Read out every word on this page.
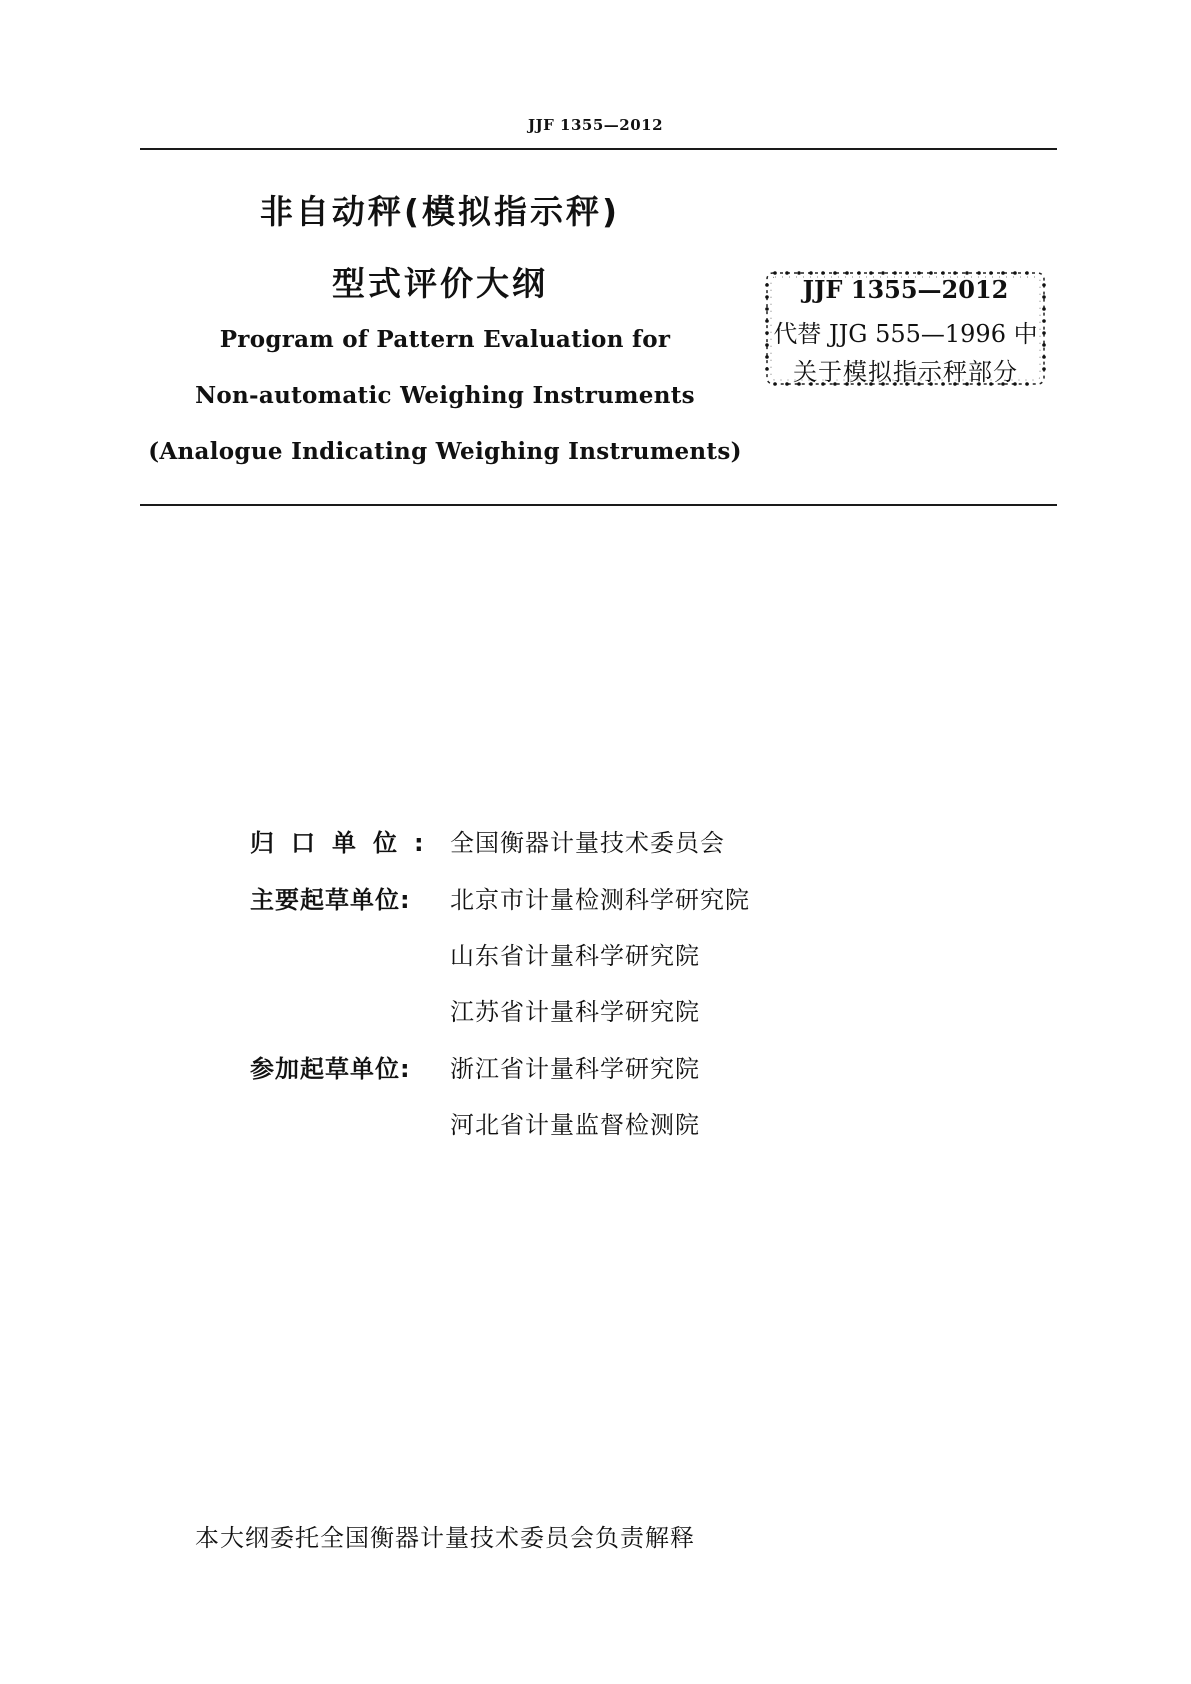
JJF 1355—2012
非自动秤(模拟指示秤)
型式评价大纲
Program of Pattern Evaluation for
Non-automatic Weighing Instruments
(Analogue Indicating Weighing Instruments)
JJF 1355—2012
代替 JJG 555—1996 中
关于模拟指示秤部分
归口单位: 全国衡器计量技术委员会
主要起草单位:	北京市计量检测科学研究院
山东省计量科学研究院
江苏省计量科学研究院
参加起草单位:	浙江省计量科学研究院
河北省计量监督检测院
本大纲委托全国衡器计量技术委员会负责解释
